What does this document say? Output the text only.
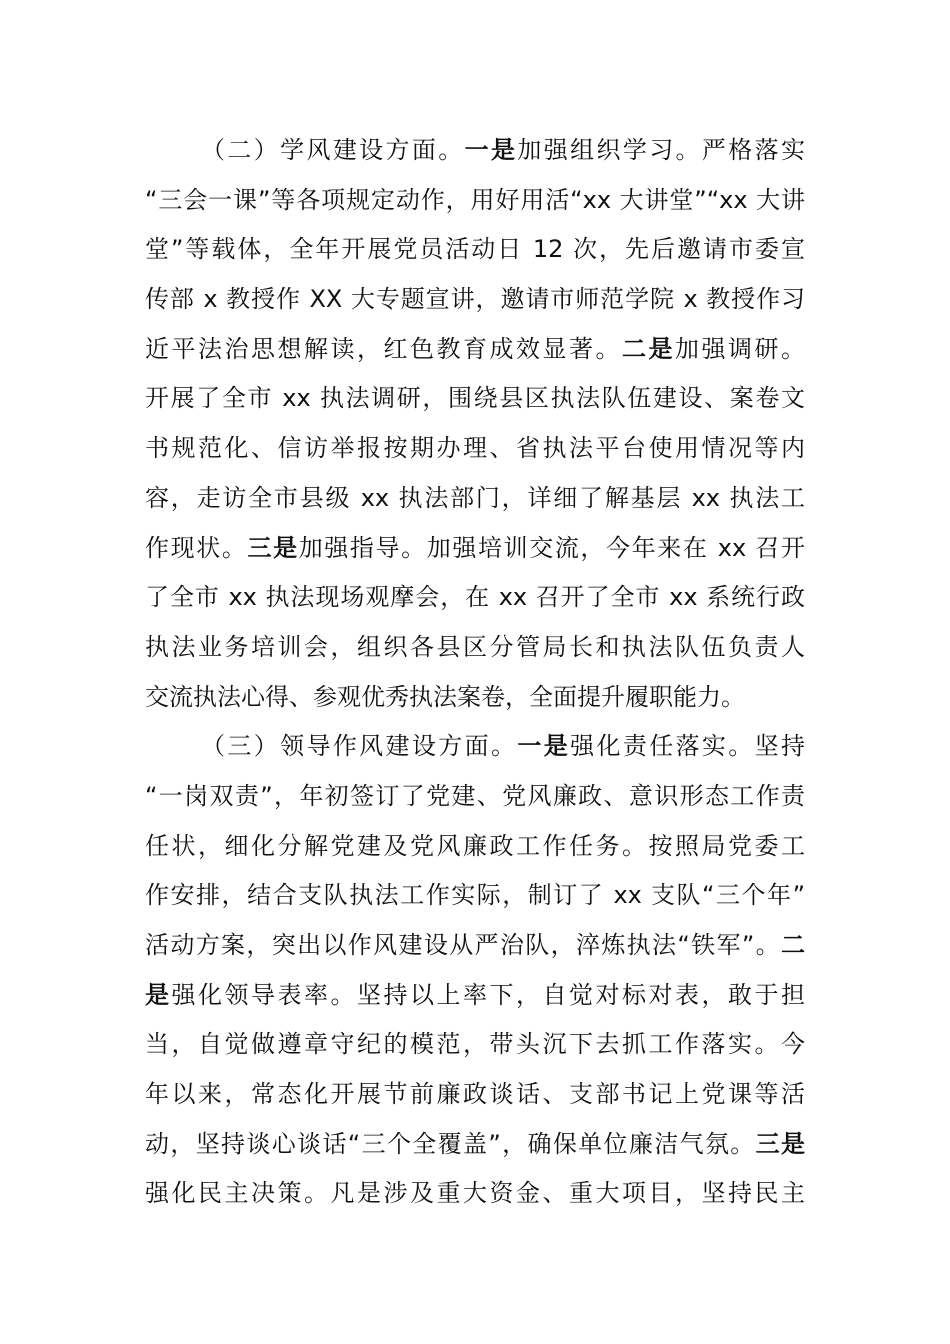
（二）学风建设方面。一是加强组织学习。严格落实
“三会一课”等各项规定动作，用好用活“xx 大讲堂”“xx 大讲
堂”等载体，全年开展党员活动日 12 次，先后邀请市委宣
传部 x 教授作 XX 大专题宣讲，邀请市师范学院 x 教授作习
近平法治思想解读，红色教育成效显著。二是加强调研。
开展了全市 xx 执法调研，围绕县区执法队伍建设、案卷文
书规范化、信访举报按期办理、省执法平台使用情况等内
容，走访全市县级 xx 执法部门，详细了解基层 xx 执法工
作现状。三是加强指导。加强培训交流，今年来在 xx 召开
了全市 xx 执法现场观摩会，在 xx 召开了全市 xx 系统行政
执法业务培训会，组织各县区分管局长和执法队伍负责人
交流执法心得、参观优秀执法案卷，全面提升履职能力。
（三）领导作风建设方面。一是强化责任落实。坚持
“一岗双责”，年初签订了党建、党风廉政、意识形态工作责
任状，细化分解党建及党风廉政工作任务。按照局党委工
作安排，结合支队执法工作实际，制订了 xx 支队“三个年”
活动方案，突出以作风建设从严治队，淬炼执法“铁军”。二
是强化领导表率。坚持以上率下，自觉对标对表，敢于担
当，自觉做遵章守纪的模范，带头沉下去抓工作落实。今
年以来，常态化开展节前廉政谈话、支部书记上党课等活
动，坚持谈心谈话“三个全覆盖”，确保单位廉洁气氛。三是
强化民主决策。凡是涉及重大资金、重大项目，坚持民主
